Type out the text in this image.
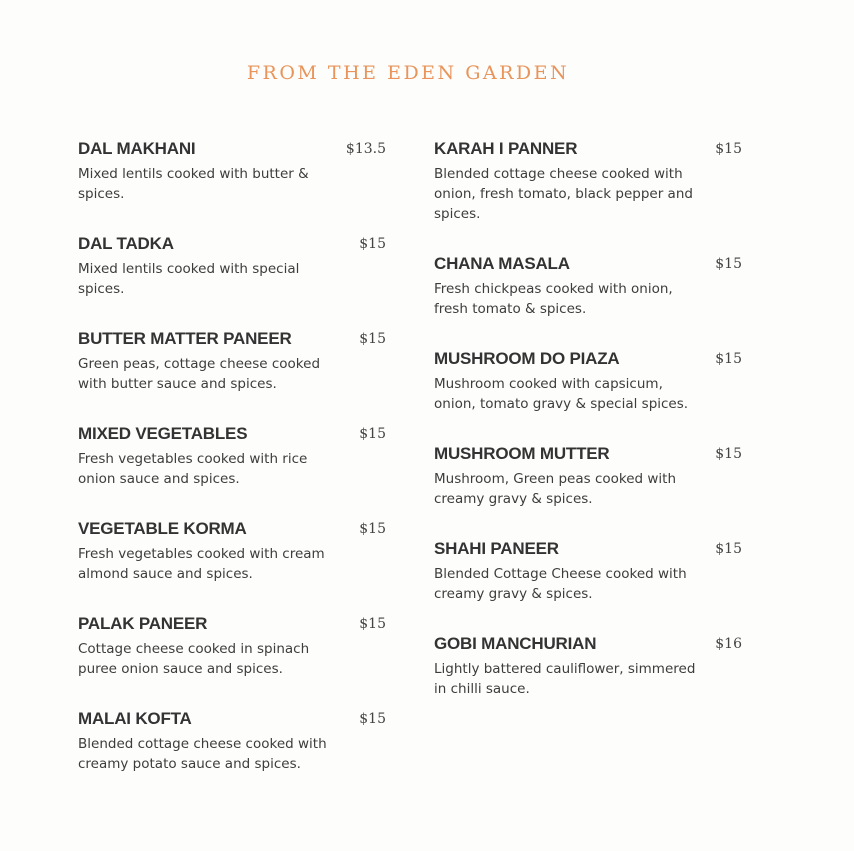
FROM THE EDEN GARDEN
DAL MAKHANI	$13.5

Mixed lentils cooked with butter & spices.

DAL TADKA	$15

Mixed lentils cooked with special spices.

BUTTER MATTER PANEER	$15

Green peas, cottage cheese cooked with butter sauce and spices.

MIXED VEGETABLES	$15

Fresh vegetables cooked with rice onion sauce and spices.

VEGETABLE KORMA	$15

Fresh vegetables cooked with cream almond sauce and spices.

PALAK PANEER	$15

Cottage cheese cooked in spinach puree onion sauce and spices.

MALAI KOFTA	$15

Blended cottage cheese cooked with creamy potato sauce and spices.

KARAH I PANNER	$15

Blended cottage cheese cooked with onion, fresh tomato, black pepper and spices.

CHANA MASALA	$15

Fresh chickpeas cooked with onion, fresh tomato & spices.

MUSHROOM DO PIAZA	$15

Mushroom cooked with capsicum, onion, tomato gravy & special spices.

MUSHROOM MUTTER	$15

Mushroom, Green peas cooked with creamy gravy & spices.

SHAHI PANEER	$15

Blended Cottage Cheese cooked with creamy gravy & spices.

GOBI MANCHURIAN	$16

Lightly battered cauliflower, simmered in chilli sauce.
